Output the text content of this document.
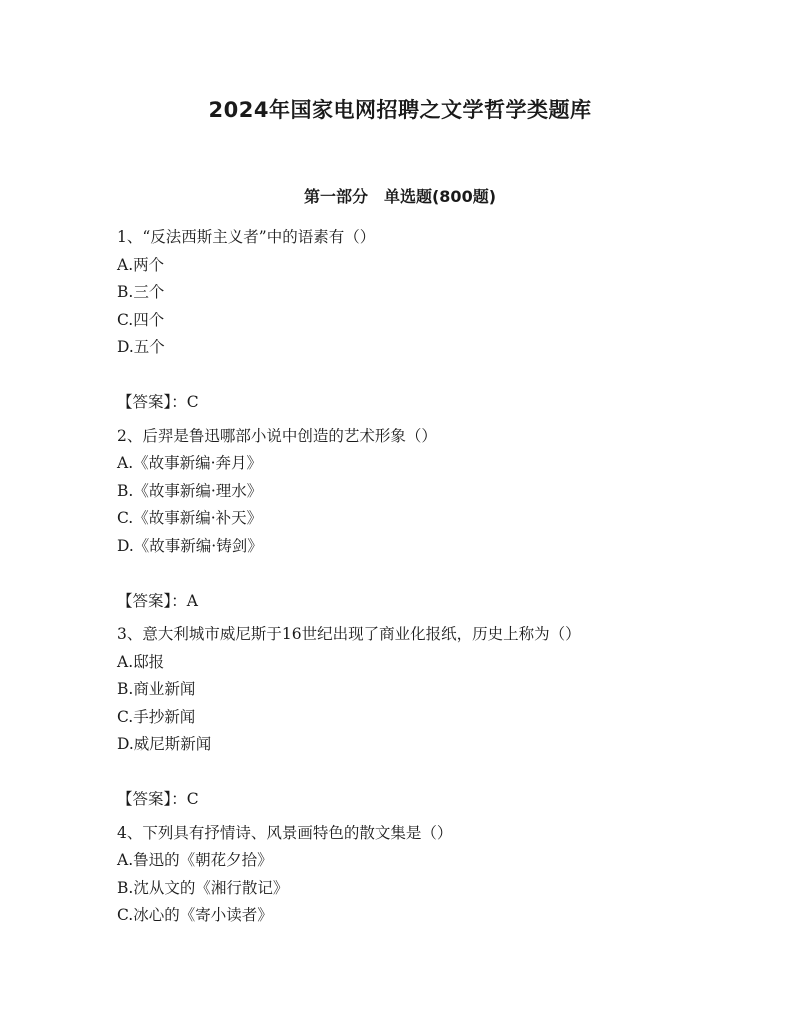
2024年国家电网招聘之文学哲学类题库
第一部分　单选题(800题)
1、“反法西斯主义者”中的语素有（）
A.两个
B.三个
C.四个
D.五个
【答案】：C
2、后羿是鲁迅哪部小说中创造的艺术形象（）
A.《故事新编·奔月》
B.《故事新编·理水》
C.《故事新编·补天》
D.《故事新编·铸剑》
【答案】：A
3、意大利城市威尼斯于16世纪出现了商业化报纸，历史上称为（）
A.邸报
B.商业新闻
C.手抄新闻
D.威尼斯新闻
【答案】：C
4、下列具有抒情诗、风景画特色的散文集是（）
A.鲁迅的《朝花夕拾》
B.沈从文的《湘行散记》
C.冰心的《寄小读者》
